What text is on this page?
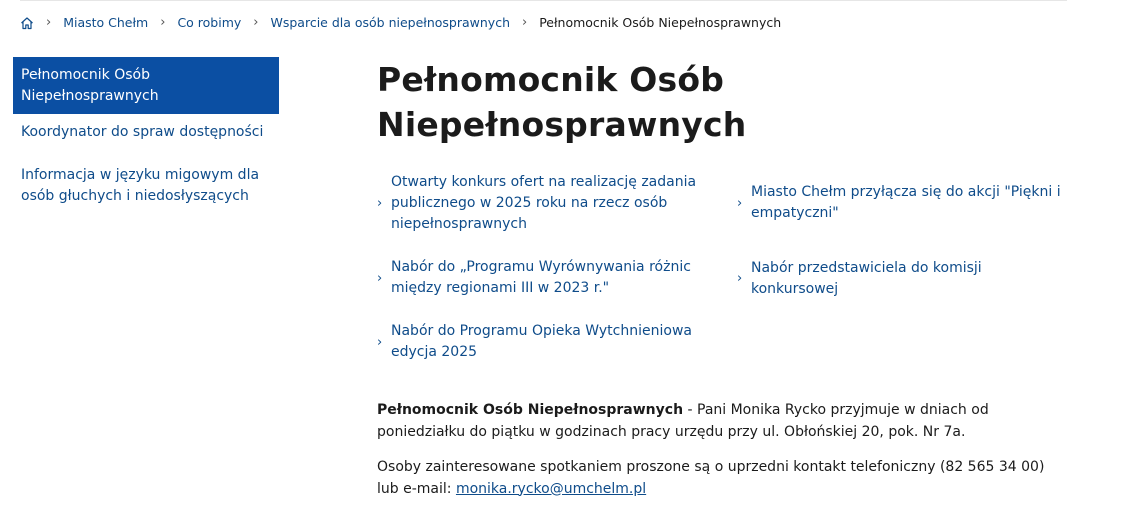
› Miasto Chełm › Co robimy › Wsparcie dla osób niepełnosprawnych › Pełnomocnik Osób Niepełnosprawnych
Pełnomocnik Osób Niepełnosprawnych
Koordynator do spraw dostępności
Informacja w języku migowym dla osób głuchych i niedosłyszących
Pełnomocnik Osób Niepełnosprawnych
›
Otwarty konkurs ofert na realizację zadania publicznego w 2025 roku na rzecz osób niepełnosprawnych
›
Miasto Chełm przyłącza się do akcji "Piękni i empatyczni"
›
Nabór do „Programu Wyrównywania różnic między regionami III w 2023 r."
›
Nabór przedstawiciela do komisji konkursowej
›
Nabór do Programu Opieka Wytchnieniowa edycja 2025

Pełnomocnik Osób Niepełnosprawnych - Pani Monika Rycko przyjmuje w dniach od poniedziałku do piątku w godzinach pracy urzędu przy ul. Obłońskiej 20, pok. Nr 7a.

Osoby zainteresowane spotkaniem proszone są o uprzedni kontakt telefoniczny (82 565 34 00) lub e-mail: monika.rycko@umchelm.pl
